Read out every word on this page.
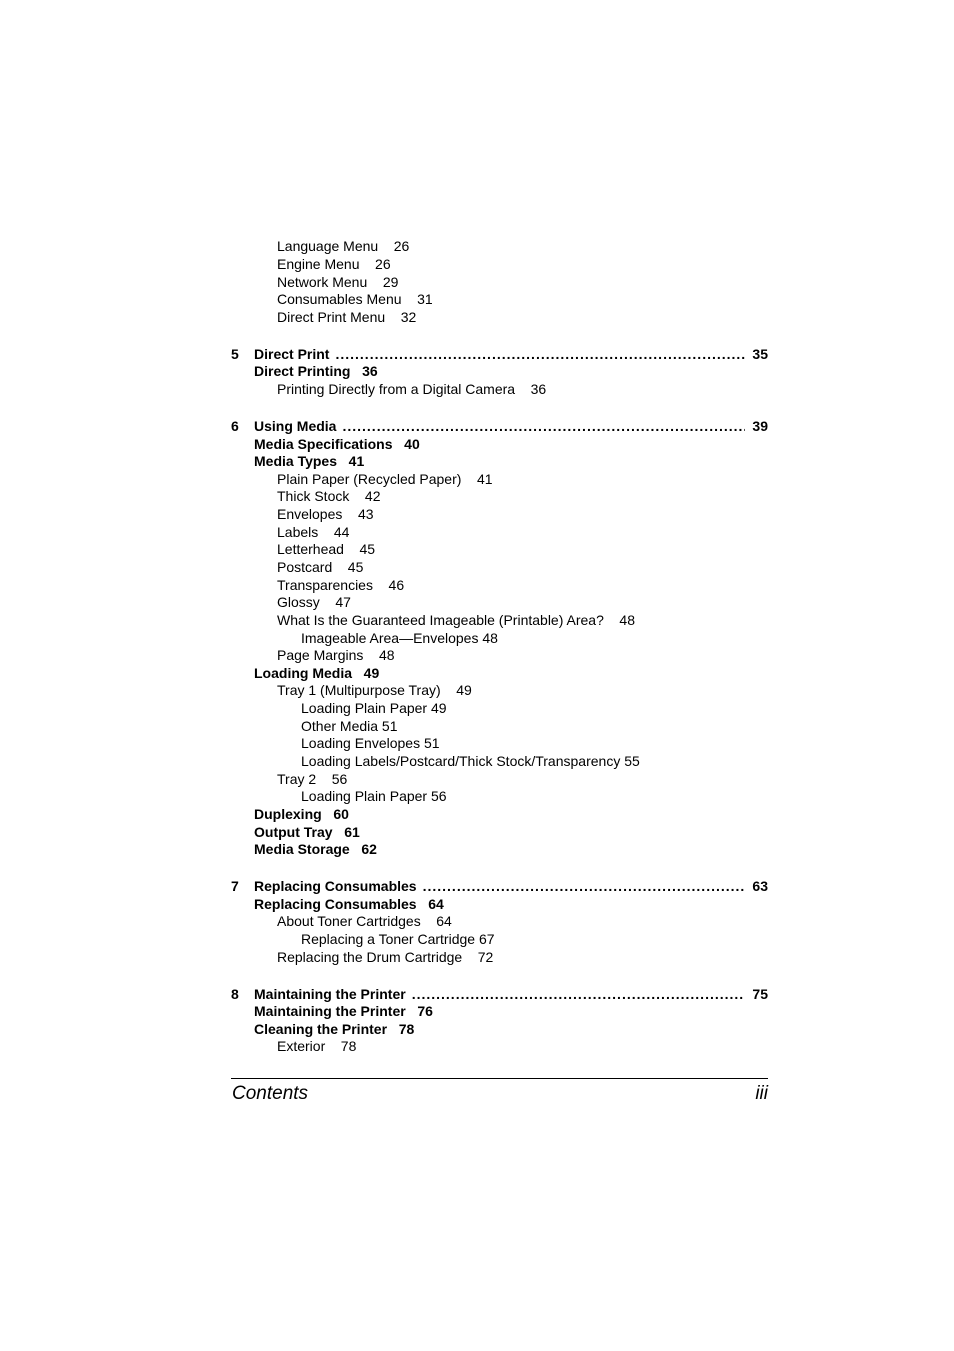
Language Menu    26
Engine Menu    26
Network Menu    29
Consumables Menu    31
Direct Print Menu    32
5 Direct Print .....	35
Direct Printing   36
Printing Directly from a Digital Camera    36
6 Using Media .....	39
Media Specifications   40
Media Types   41
Plain Paper (Recycled Paper)    41
Thick Stock    42
Envelopes    43
Labels    44
Letterhead    45
Postcard    45
Transparencies    46
Glossy    47
What Is the Guaranteed Imageable (Printable) Area?    48
Imageable Area—Envelopes 48
Page Margins    48
Loading Media   49
Tray 1 (Multipurpose Tray)    49
Loading Plain Paper 49
Other Media 51
Loading Envelopes 51
Loading Labels/Postcard/Thick Stock/Transparency 55
Tray 2    56
Loading Plain Paper 56
Duplexing   60
Output Tray   61
Media Storage   62
7 Replacing Consumables .....	63
Replacing Consumables   64
About Toner Cartridges    64
Replacing a Toner Cartridge 67
Replacing the Drum Cartridge    72
8 Maintaining the Printer .....	75
Maintaining the Printer   76
Cleaning the Printer   78
Exterior    78
Contents	iii
